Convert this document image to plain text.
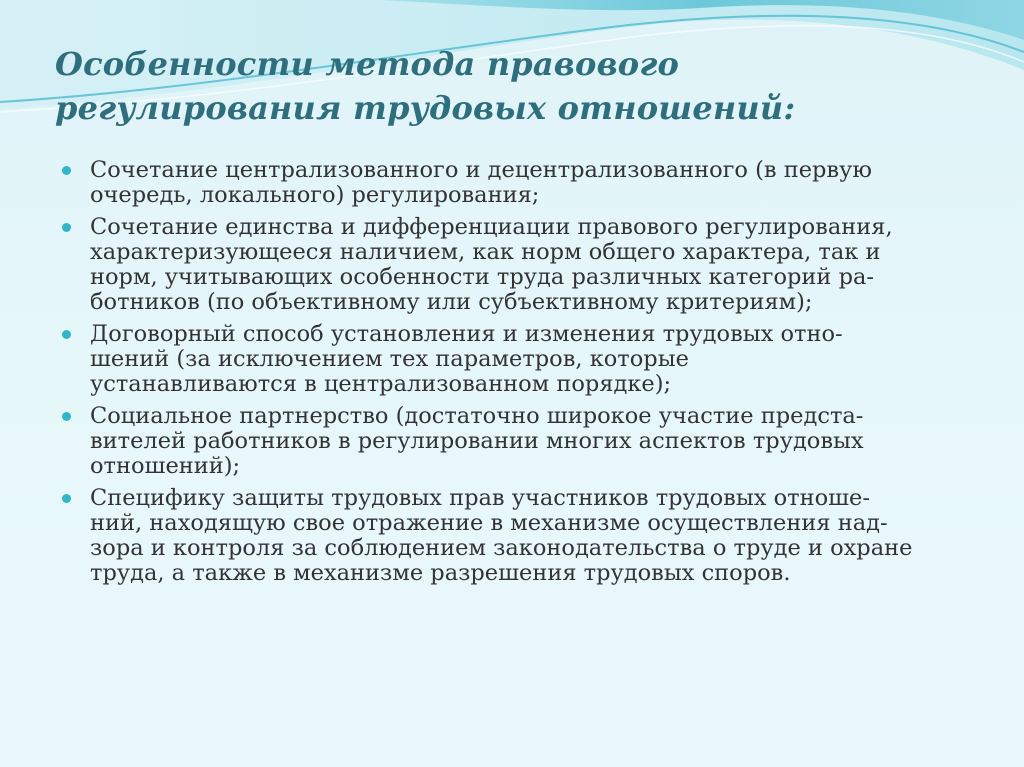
Особенности метода правового
регулирования трудовых отношений:
Сочетание централизованного и децентрализованного (в первую
очередь, локального) регулирования;
Сочетание единства и дифференциации правового регулирования,
характеризующееся наличием, как норм общего характера, так и
норм, учитывающих особенности труда различных категорий ра-
ботников (по объективному или субъективному критериям);
Договорный способ установления и изменения трудовых отно-
шений (за исключением тех параметров, которые
устанавливаются в централизованном порядке);
Социальное партнерство (достаточно широкое участие предста-
вителей работников в регулировании многих аспектов трудовых
отношений);
Специфику защиты трудовых прав участников трудовых отноше-
ний, находящую свое отражение в механизме осуществления над-
зора и контроля за соблюдением законодательства о труде и охране
труда, а также в механизме разрешения трудовых споров.
